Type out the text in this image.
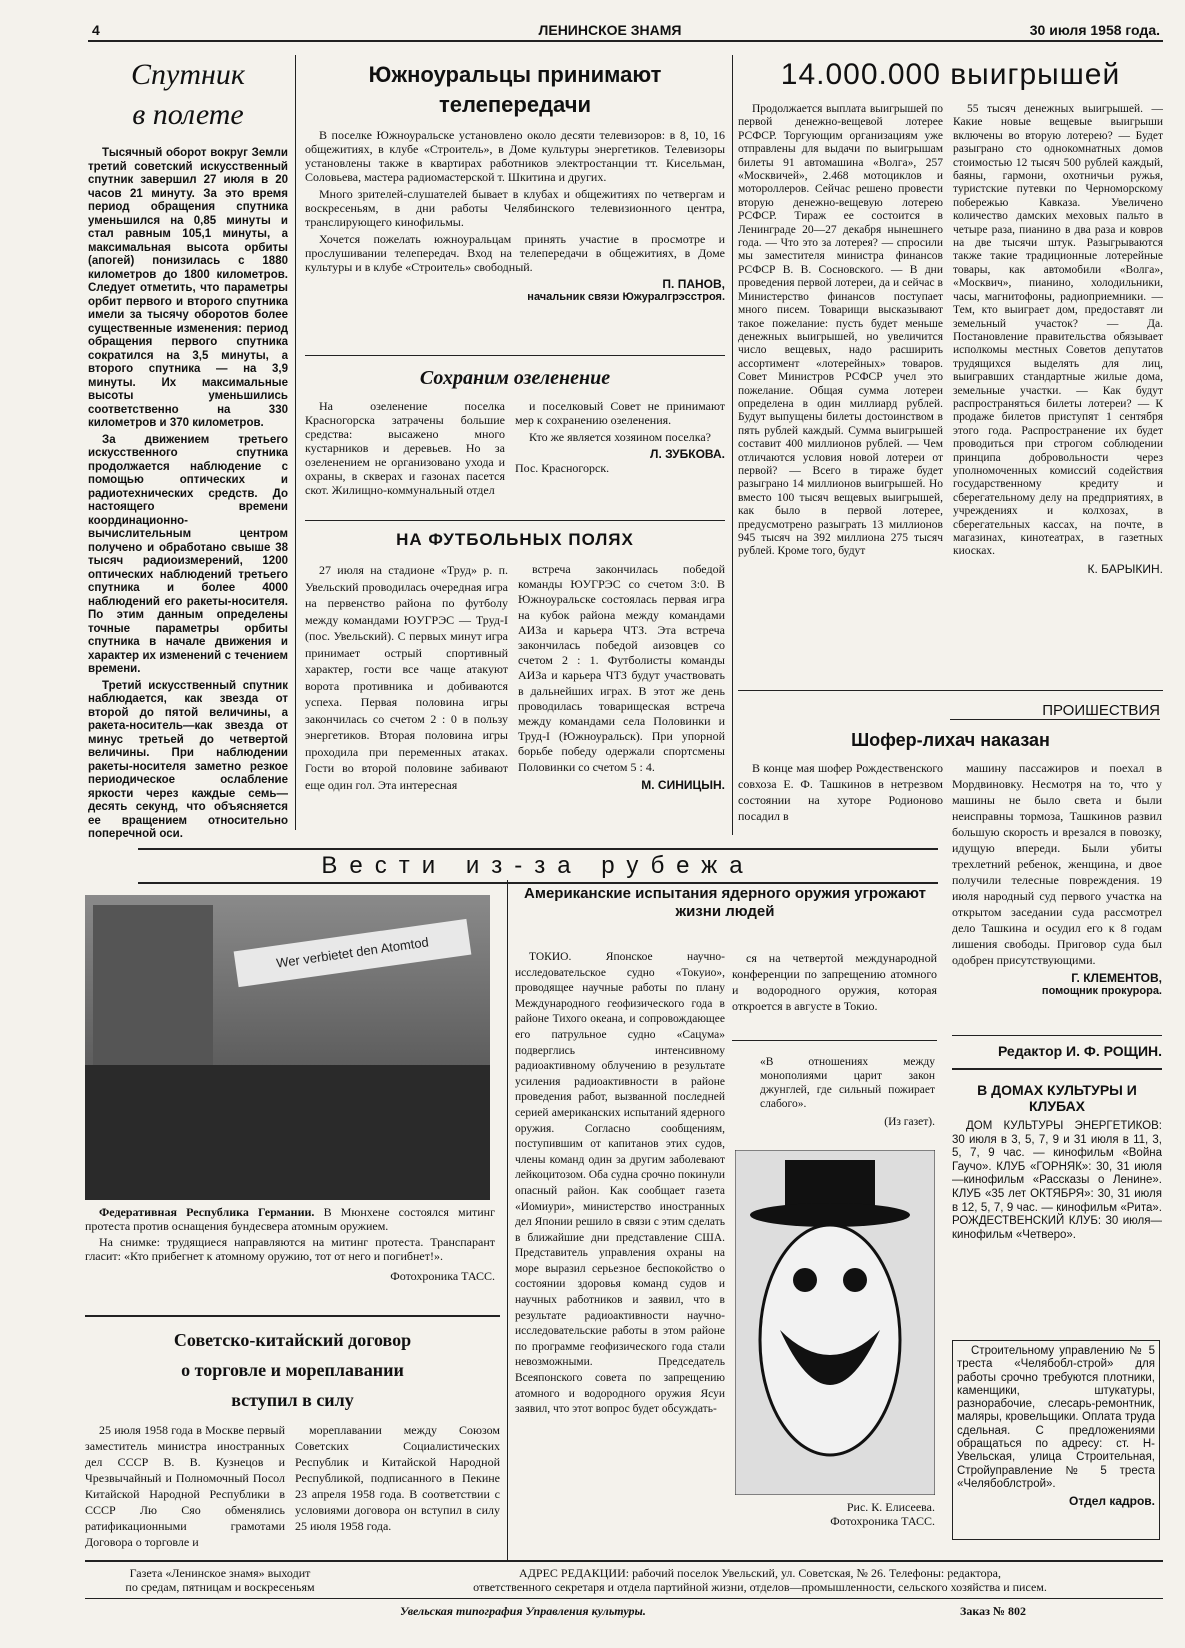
4	ЛЕНИНСКОЕ ЗНАМЯ	30 июля 1958 года.
Спутник
в полете

Тысячный оборот вокруг Земли третий советский искусственный спутник завершил 27 июля в 20 часов 21 минуту. За это время период обращения спутника уменьшился на 0,85 минуты и стал равным 105,1 минуты, а максимальная высота орбиты (апогей) понизилась с 1880 километров до 1800 километров. Следует отметить, что параметры орбит первого и второго спутника имели за тысячу оборотов более существенные изменения: период обращения первого спутника сократился на 3,5 минуты, а второго спутника — на 3,9 минуты. Их максимальные высоты уменьшились соответственно на 330 километров и 370 километров.

За движением третьего искусственного спутника продолжается наблюдение с помощью оптических и радиотехнических средств. До настоящего времени координационно-вычислительным центром получено и обработано свыше 38 тысяч радиоизмерений, 1200 оптических наблюдений третьего спутника и более 4000 наблюдений его ракеты-носителя. По этим данным определены точные параметры орбиты спутника в начале движения и характер их изменений с течением времени.

Третий искусственный спутник наблюдается, как звезда от второй до пятой величины, а ракета-носитель—как звезда от минус третьей до четвертой величины. При наблюдении ракеты-носителя заметно резкое периодическое ослабление яркости через каждые семь—десять секунд, что объясняется ее вращением относительно поперечной оси.

Южноуральцы принимают телепередачи

В поселке Южноуральске установлено около десяти телевизоров: в 8, 10, 16 общежитиях, в клубе «Строитель», в Доме культуры энергетиков. Телевизоры установлены также в квартирах работников электростанции тт. Кисельман, Соловьева, мастера радиомастерской т. Шкитина и других.

Много зрителей-слушателей бывает в клубах и общежитиях по четвергам и воскресеньям, в дни работы Челябинского телевизионного центра, транслирующего кинофильмы.

Хочется пожелать южноуральцам принять участие в просмотре и прослушивании телепередач. Вход на телепередачи в общежитиях, в Доме культуры и в клубе «Строитель» свободный.

П. ПАНОВ,
начальник связи Южуралгрэсстроя.
Сохраним озеленение

На озеленение поселка Красногорска затрачены большие средства: высажено много кустарников и деревьев. Но за озеленением не организовано ухода и охраны, в скверах и газонах пасется скот. Жилищно-коммунальный отдел

и поселковый Совет не принимают мер к сохранению озеленения.

Кто же является хозяином поселка?

Л. ЗУБКОВА.
Пос. Красногорск.
НА ФУТБОЛЬНЫХ ПОЛЯХ

27 июля на стадионе «Труд» р. п. Увельский проводилась очередная игра на первенство района по футболу между командами ЮУГРЭС — Труд-I (пос. Увельский). С первых минут игра принимает острый спортивный характер, гости все чаще атакуют ворота противника и добиваются успеха. Первая половина игры закончилась со счетом 2 : 0 в пользу энергетиков. Вторая половина игры проходила при переменных атаках. Гости во второй половине забивают еще один гол. Эта интересная

встреча закончилась победой команды ЮУГРЭС со счетом 3:0. В Южноуральске состоялась первая игра на кубок района между командами АИЗа и карьера ЧТЗ. Эта встреча закончилась победой аизовцев со счетом 2 : 1. Футболисты команды АИЗа и карьера ЧТЗ будут участвовать в дальнейших играх. В этот же день проводилась товарищеская встреча между командами села Половинки и Труд-I (Южноуральск). При упорной борьбе победу одержали спортсмены Половинки со счетом 5 : 4.

М. СИНИЦЫН.
14.000.000 выигрышей

Продолжается выплата выигрышей по первой денежно-вещевой лотерее РСФСР. Торгующим организациям уже отправлены для выдачи по выигрышам билеты 91 автомашина «Волга», 257 «Москвичей», 2.468 мотоциклов и мотороллеров. Сейчас решено провести вторую денежно-вещевую лотерею РСФСР. Тираж ее состоится в Ленинграде 20—27 декабря нынешнего года. — Что это за лотерея? — спросили мы заместителя министра финансов РСФСР В. В. Сосновского. — В дни проведения первой лотереи, да и сейчас в Министерство финансов поступает много писем. Товарищи высказывают такое пожелание: пусть будет меньше денежных выигрышей, но увеличится число вещевых, надо расширить ассортимент «лотерейных» товаров. Совет Министров РСФСР учел это пожелание. Общая сумма лотереи определена в один миллиард рублей. Будут выпущены билеты достоинством в пять рублей каждый. Сумма выигрышей составит 400 миллионов рублей. — Чем отличаются условия новой лотереи от первой? — Всего в тираже будет разыграно 14 миллионов выигрышей. Но вместо 100 тысяч вещевых выигрышей, как было в первой лотерее, предусмотрено разыграть 13 миллионов 945 тысяч на 392 миллиона 275 тысяч рублей. Кроме того, будут

55 тысяч денежных выигрышей. — Какие новые вещевые выигрыши включены во вторую лотерею? — Будет разыграно сто однокомнатных домов стоимостью 12 тысяч 500 рублей каждый, баяны, гармони, охотничьи ружья, туристские путевки по Черноморскому побережью Кавказа. Увеличено количество дамских меховых пальто в четыре раза, пианино в два раза и ковров на две тысячи штук. Разыгрываются также такие традиционные лотерейные товары, как автомобили «Волга», «Москвич», пианино, холодильники, часы, магнитофоны, радиоприемники. — Тем, кто выиграет дом, предоставят ли земельный участок? — Да. Постановление правительства обязывает исполкомы местных Советов депутатов трудящихся выделять для лиц, выигравших стандартные жилые дома, земельные участки. — Как будут распространяться билеты лотереи? — К продаже билетов приступят 1 сентября этого года. Распространение их будет проводиться при строгом соблюдении принципа добровольности через уполномоченных комиссий содействия государственному кредиту и сберегательному делу на предприятиях, в учреждениях и колхозах, в сберегательных кассах, на почте, в магазинах, кинотеатрах, в газетных киосках.

К. БАРЫКИН.
ПРОИШЕСТВИЯ
Шофер-лихач наказан

В конце мая шофер Рождественского совхоза Е. Ф. Ташкинов в нетрезвом состоянии на хуторе Родионово посадил в

машину пассажиров и поехал в Мордвиновку. Несмотря на то, что у машины не было света и были неисправны тормоза, Ташкинов развил большую скорость и врезался в повозку, идущую впереди. Были убиты трехлетний ребенок, женщина, и двое получили телесные повреждения. 19 июля народный суд первого участка на открытом заседании суда рассмотрел дело Ташкина и осудил его к 8 годам лишения свободы. Приговор суда был одобрен присутствующими.

Г. КЛЕМЕНТОВ,
помощник прокурора.
Редактор И. Ф. РОЩИН.
Вести из-за рубежа
Wer verbietet den Atomtod

Федеративная Республика Германии. В Мюнхене состоялся митинг протеста против оснащения бундесвера атомным оружием.

На снимке: трудящиеся направляются на митинг протеста. Транспарант гласит: «Кто прибегнет к атомному оружию, тот от него и погибнет!».

Фотохроника ТАСС.
Советско-китайский договор
о торговле и мореплавании
вступил в силу

25 июля 1958 года в Москве первый заместитель министра иностранных дел СССР В. В. Кузнецов и Чрезвычайный и Полномочный Посол Китайской Народной Республики в СССР Лю Сяо обменялись ратификационными грамотами Договора о торговле и

мореплавании между Союзом Советских Социалистических Республик и Китайской Народной Республикой, подписанного в Пекине 23 апреля 1958 года. В соответствии с условиями договора он вступил в силу 25 июля 1958 года.

Американские испытания ядерного оружия угрожают жизни людей

ТОКИО. Японское научно-исследовательское судно «Токуио», проводящее научные работы по плану Международного геофизического года в районе Тихого океана, и сопровождающее его патрульное судно «Сацума» подверглись интенсивному радиоактивному облучению в результате усиления радиоактивности в районе проведения работ, вызванной последней серией американских испытаний ядерного оружия. Согласно сообщениям, поступившим от капитанов этих судов, члены команд один за другим заболевают лейкоцитозом. Оба судна срочно покинули опасный район. Как сообщает газета «Иомиури», министерство иностранных дел Японии решило в связи с этим сделать в ближайшие дни представление США. Представитель управления охраны на море выразил серьезное беспокойство о состоянии здоровья команд судов и научных работников и заявил, что в результате радиоактивности научно-исследовательские работы в этом районе по программе геофизического года стали невозможными. Председатель Всеяпонского совета по запрещению атомного и водородного оружия Ясуи заявил, что этот вопрос будет обсуждать-

ся на четвертой международной конференции по запрещению атомного и водородного оружия, которая откроется в августе в Токио.

«В отношениях между монополиями царит закон джунглей, где сильный пожирает слабого».
(Из газет).
Рис. К. Елисеева.
Фотохроника ТАСС.
В ДОМАХ КУЛЬТУРЫ И КЛУБАХ

ДОМ КУЛЬТУРЫ ЭНЕРГЕТИКОВ: 30 июля в 3, 5, 7, 9 и 31 июля в 11, 3, 5, 7, 9 час. — кинофильм «Война Гаучо». КЛУБ «ГОРНЯК»: 30, 31 июля—кинофильм «Рассказы о Ленине». КЛУБ «35 лет ОКТЯБРЯ»: 30, 31 июля в 12, 5, 7, 9 час. — кинофильм «Рита». РОЖДЕСТВЕНСКИЙ КЛУБ: 30 июля—кинофильм «Четверо».

Строительному управлению № 5 треста «Челябобл-строй» для работы срочно требуются плотники, каменщики, штукатуры, разнорабочие, слесарь-ремонтник, маляры, кровельщики. Оплата труда сдельная. С предложениями обращаться по адресу: ст. Н-Увельская, улица Строительная, Стройуправление № 5 треста «Челябоблстрой».

Отдел кадров.
Газета «Ленинское знамя» выходит
по средам, пятницам и воскресеньям
АДРЕС РЕДАКЦИИ: рабочий поселок Увельский, ул. Советская, № 26. Телефоны: редактора,
ответственного секретаря и отдела партийной жизни, отделов—промышленности, сельского хозяйства и писем.
Увельская типография Управления культуры.	Заказ № 802
